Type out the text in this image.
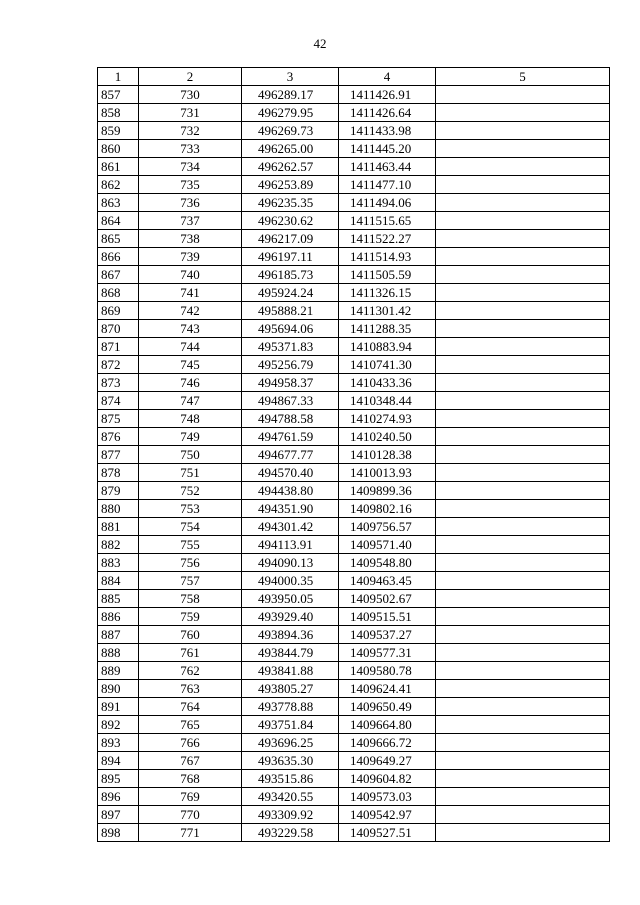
42
1	2	3	4	5
857	730	496289.17	1411426.91	
858	731	496279.95	1411426.64	
859	732	496269.73	1411433.98	
860	733	496265.00	1411445.20	
861	734	496262.57	1411463.44	
862	735	496253.89	1411477.10	
863	736	496235.35	1411494.06	
864	737	496230.62	1411515.65	
865	738	496217.09	1411522.27	
866	739	496197.11	1411514.93	
867	740	496185.73	1411505.59	
868	741	495924.24	1411326.15	
869	742	495888.21	1411301.42	
870	743	495694.06	1411288.35	
871	744	495371.83	1410883.94	
872	745	495256.79	1410741.30	
873	746	494958.37	1410433.36	
874	747	494867.33	1410348.44	
875	748	494788.58	1410274.93	
876	749	494761.59	1410240.50	
877	750	494677.77	1410128.38	
878	751	494570.40	1410013.93	
879	752	494438.80	1409899.36	
880	753	494351.90	1409802.16	
881	754	494301.42	1409756.57	
882	755	494113.91	1409571.40	
883	756	494090.13	1409548.80	
884	757	494000.35	1409463.45	
885	758	493950.05	1409502.67	
886	759	493929.40	1409515.51	
887	760	493894.36	1409537.27	
888	761	493844.79	1409577.31	
889	762	493841.88	1409580.78	
890	763	493805.27	1409624.41	
891	764	493778.88	1409650.49	
892	765	493751.84	1409664.80	
893	766	493696.25	1409666.72	
894	767	493635.30	1409649.27	
895	768	493515.86	1409604.82	
896	769	493420.55	1409573.03	
897	770	493309.92	1409542.97	
898	771	493229.58	1409527.51	
